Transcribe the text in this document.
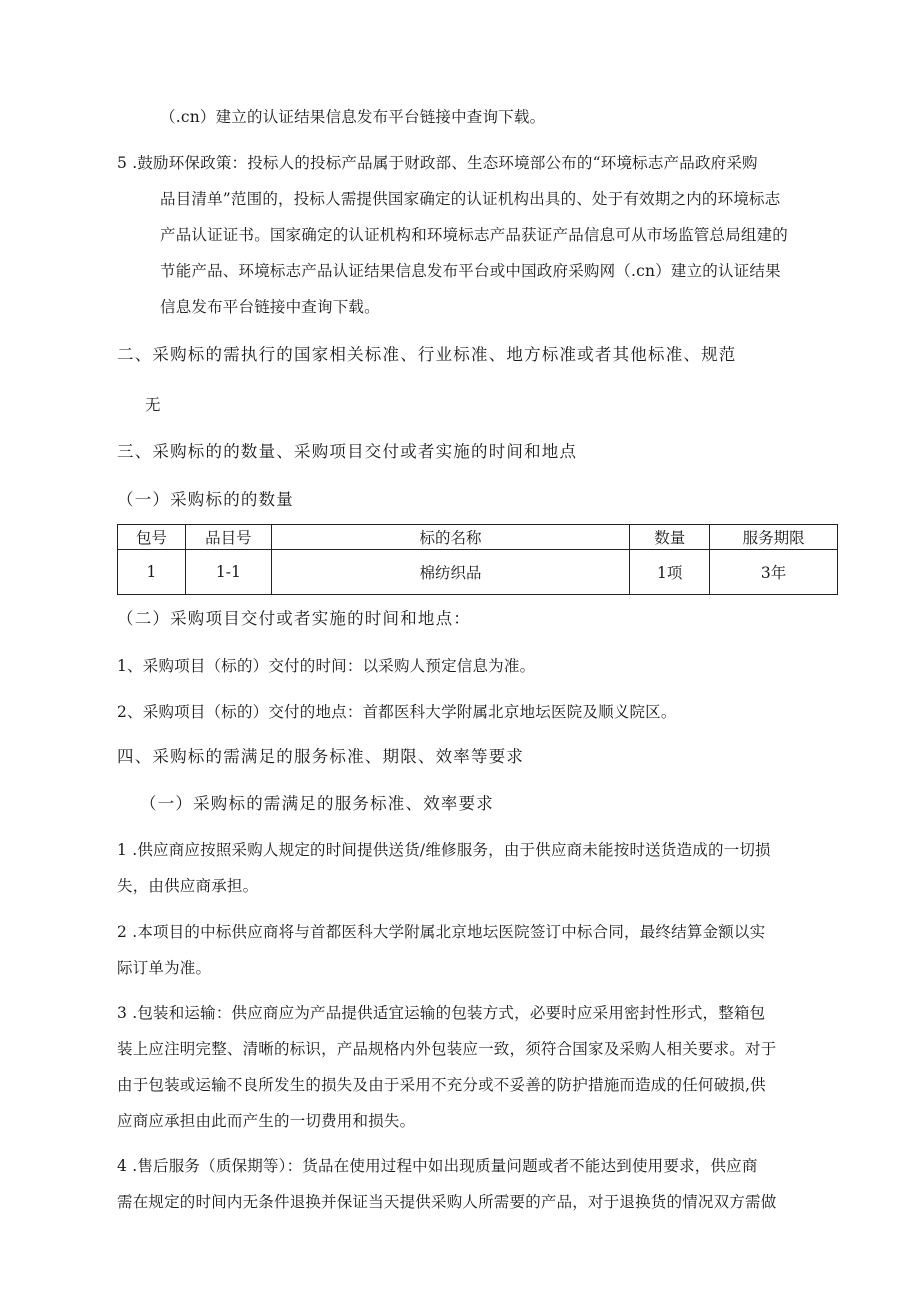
（.cn）建立的认证结果信息发布平台链接中查询下载。
5 .鼓励环保政策：投标人的投标产品属于财政部、生态环境部公布的“环境标志产品政府采购
品目清单”范围的，投标人需提供国家确定的认证机构出具的、处于有效期之内的环境标志
产品认证证书。国家确定的认证机构和环境标志产品获证产品信息可从市场监管总局组建的
节能产品、环境标志产品认证结果信息发布平台或中国政府采购网（.cn）建立的认证结果
信息发布平台链接中查询下载。
二、采购标的需执行的国家相关标准、行业标准、地方标准或者其他标准、规范
无
三、采购标的的数量、采购项目交付或者实施的时间和地点
（一）采购标的的数量
包号	品目号	标的名称	数量	服务期限
1	1-1	棉纺织品	1项	3年
（二）采购项目交付或者实施的时间和地点：
1、采购项目（标的）交付的时间：以采购人预定信息为准。
2、采购项目（标的）交付的地点：首都医科大学附属北京地坛医院及顺义院区。
四、采购标的需满足的服务标准、期限、效率等要求
（一）采购标的需满足的服务标准、效率要求
1 .供应商应按照采购人规定的时间提供送货/维修服务，由于供应商未能按时送货造成的一切损
失，由供应商承担。
2 .本项目的中标供应商将与首都医科大学附属北京地坛医院签订中标合同，最终结算金额以实
际订单为准。
3 .包装和运输：供应商应为产品提供适宜运输的包装方式，必要时应采用密封性形式，整箱包
装上应注明完整、清晰的标识，产品规格内外包装应一致，须符合国家及采购人相关要求。对于
由于包装或运输不良所发生的损失及由于采用不充分或不妥善的防护措施而造成的任何破损,供
应商应承担由此而产生的一切费用和损失。
4 .售后服务（质保期等）：货品在使用过程中如出现质量问题或者不能达到使用要求，供应商
需在规定的时间内无条件退换并保证当天提供采购人所需要的产品，对于退换货的情况双方需做
